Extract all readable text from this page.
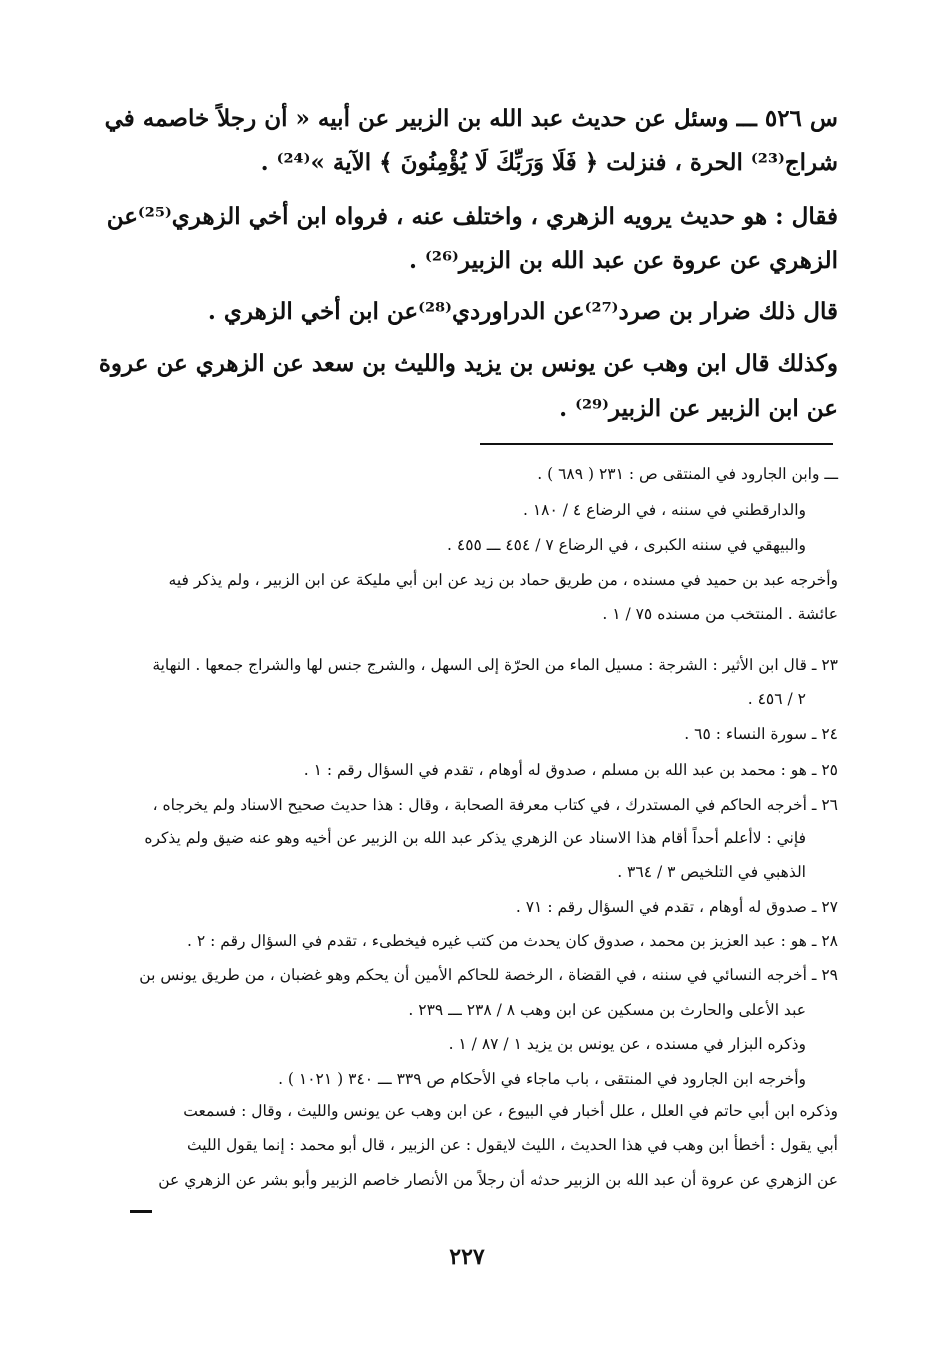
س ٥٢٦ ـــ وسئل عن حديث عبد الله بن الزبير عن أبيه « أن رجلاً خاصمه في
شراج⁽²³⁾ الحرة ، فنزلت ﴿ فَلَا وَرَبِّكَ لَا يُؤْمِنُونَ ﴾ الآية »⁽²⁴⁾ .
فقال : هو حديث يرويه الزهري ، واختلف عنه ، فرواه ابن أخي الزهري⁽²⁵⁾عن
الزهري عن عروة عن عبد الله بن الزبير⁽²⁶⁾ .
قال ذلك ضرار بن صرد⁽²⁷⁾عن الدراوردي⁽²⁸⁾عن ابن أخي الزهري .
وكذلك قال ابن وهب عن يونس بن يزيد والليث بن سعد عن الزهري عن عروة
عن ابن الزبير عن الزبير⁽²⁹⁾ .
ـــ وابن الجارود في المنتقى ص : ٢٣١ ( ٦٨٩ ) .
والدارقطني في سننه ، في الرضاع ٤ / ١٨٠ .
والبيهقي في سننه الكبرى ، في الرضاع ٧ / ٤٥٤ ـــ ٤٥٥ .
وأخرجه عبد بن حميد في مسنده ، من طريق حماد بن زيد عن ابن أبي مليكة عن ابن الزبير ، ولم يذكر فيه
عائشة . المنتخب من مسنده ٧٥ / ١ .
٢٣ ـ قال ابن الأثير : الشرجة : مسيل الماء من الحرّة إلى السهل ، والشرج جنس لها والشراج جمعها . النهاية
٢ / ٤٥٦ .
٢٤ ـ سورة النساء : ٦٥ .
٢٥ ـ هو : محمد بن عبد الله بن مسلم ، صدوق له أوهام ، تقدم في السؤال رقم : ١ .
٢٦ ـ أخرجه الحاكم في المستدرك ، في كتاب معرفة الصحابة ، وقال : هذا حديث صحيح الاسناد ولم يخرجاه ،
فإني : لاأعلم أحداً أقام هذا الاسناد عن الزهري يذكر عبد الله بن الزبير عن أخيه وهو عنه ضيق ولم يذكره
الذهبي في التلخيص ٣ / ٣٦٤ .
٢٧ ـ صدوق له أوهام ، تقدم في السؤال رقم : ٧١ .
٢٨ ـ هو : عبد العزيز بن محمد ، صدوق كان يحدث من كتب غيره فيخطىء ، تقدم في السؤال رقم : ٢ .
٢٩ ـ أخرجه النسائي في سننه ، في القضاة ، الرخصة للحاكم الأمين أن يحكم وهو غضبان ، من طريق يونس بن
عبد الأعلى والحارث بن مسكين عن ابن وهب ٨ / ٢٣٨ ـــ ٢٣٩ .
وذكره البزار في مسنده ، عن يونس بن يزيد ١ / ٨٧ / ١ .
وأخرجه ابن الجارود في المنتقى ، باب ماجاء في الأحكام ص ٣٣٩ ـــ ٣٤٠ ( ١٠٢١ ) .
وذكره ابن أبي حاتم في العلل ، علل أخبار في البيوع ، عن ابن وهب عن يونس والليث ، وقال : فسمعت
أبي يقول : أخطأ ابن وهب في هذا الحديث ، الليث لايقول : عن الزبير ، قال أبو محمد : إنما يقول الليث
عن الزهري عن عروة أن عبد الله بن الزبير حدثه أن رجلاً من الأنصار خاصم الزبير وأبو بشر عن الزهري عن
٢٢٧
